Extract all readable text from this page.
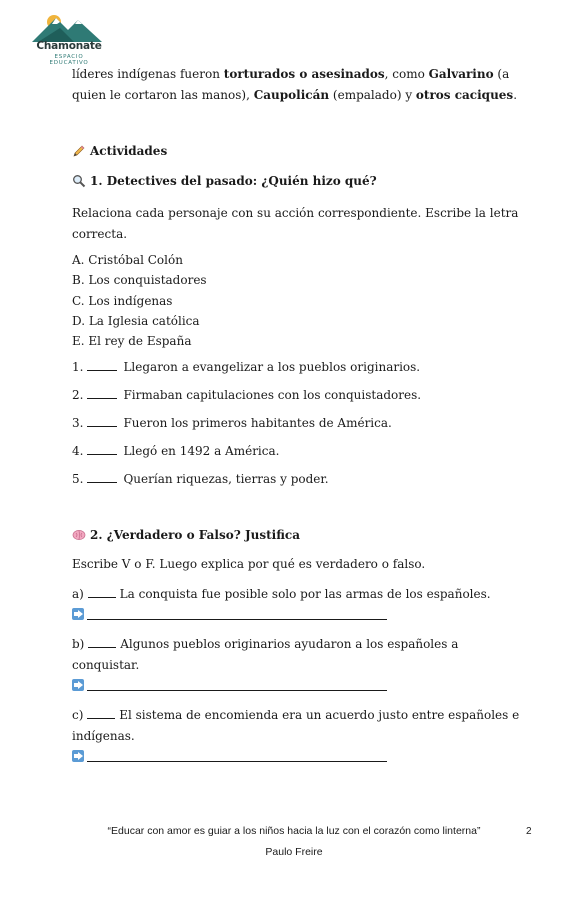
Chamonate
ESPACIO EDUCATIVO

líderes indígenas fueron torturados o asesinados, como Galvarino (a quien le cortaron las manos), Caupolicán (empalado) y otros caciques.

Actividades
1. Detectives del pasado: ¿Quién hizo qué?

Relaciona cada personaje con su acción correspondiente. Escribe la letra correcta.

A. Cristóbal Colón

B. Los conquistadores

C. Los indígenas

D. La Iglesia católica

E. El rey de España

1.	Llegaron a evangelizar a los pueblos originarios.

2.	Firmaban capitulaciones con los conquistadores.

3.	Fueron los primeros habitantes de América.

4.	Llegó en 1492 a América.

5.	Querían riquezas, tierras y poder.

2. ¿Verdadero o Falso? Justifica

Escribe V o F. Luego explica por qué es verdadero o falso.

a)	La conquista fue posible solo por las armas de los españoles.

b)	Algunos pueblos originarios ayudaron a los españoles a conquistar.

c)	El sistema de encomienda era un acuerdo justo entre españoles e indígenas.

“Educar con amor es guiar a los niños hacia la luz con el corazón como linterna”
Paulo Freire
2
